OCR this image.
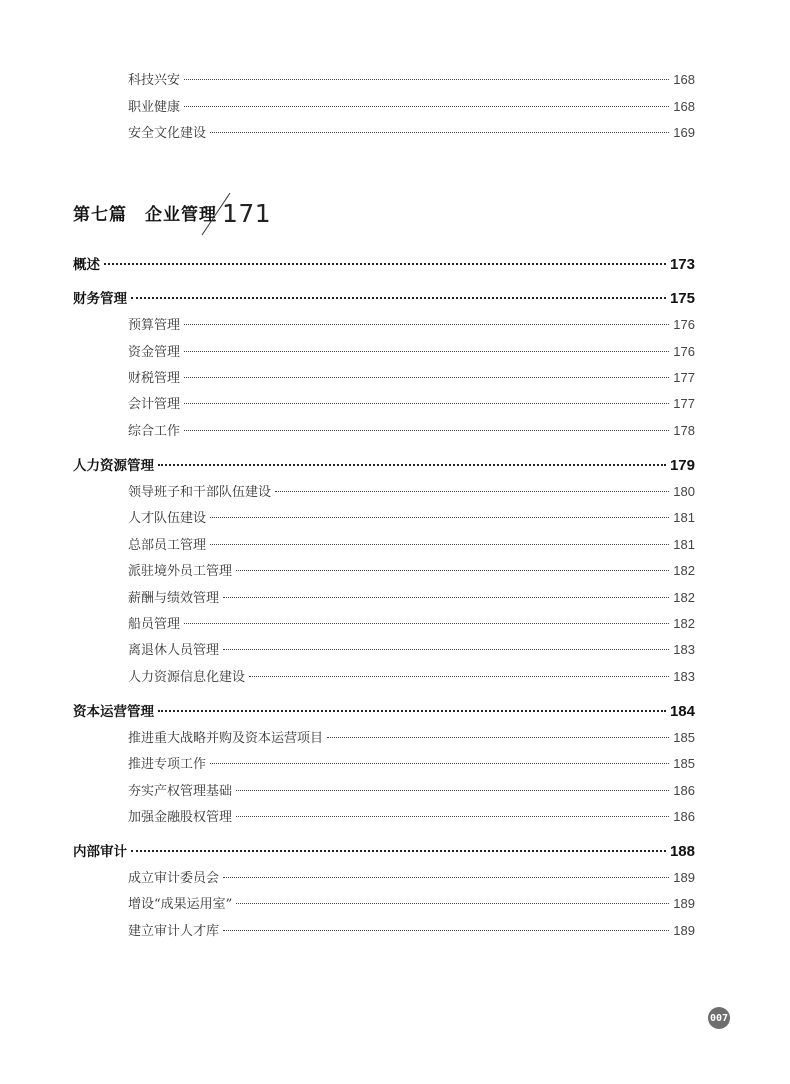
科技兴安	168
职业健康	168
安全文化建设	169
第七篇　企业管理 171
概述	173
财务管理	175
预算管理	176
资金管理	176
财税管理	177
会计管理	177
综合工作	178
人力资源管理	179
领导班子和干部队伍建设	180
人才队伍建设	181
总部员工管理	181
派驻境外员工管理	182
薪酬与绩效管理	182
船员管理	182
离退休人员管理	183
人力资源信息化建设	183
资本运营管理	184
推进重大战略并购及资本运营项目	185
推进专项工作	185
夯实产权管理基础	186
加强金融股权管理	186
内部审计	188
成立审计委员会	189
增设“成果运用室”	189
建立审计人才库	189
007
